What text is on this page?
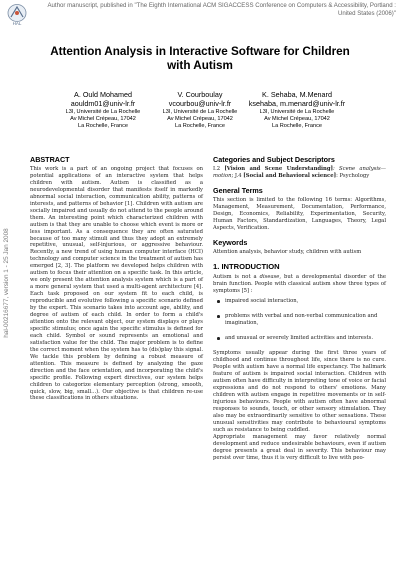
HAL
Author manuscript, published in "The Eighth International ACM SIGACCESS Conference on Computers & Accessibility, Portland : United States (2006)"
hal-00216677, version 1 - 25 Jan 2008
Attention Analysis in Interactive Software for Children with Autism
A. Ould Mohamed
aouldm01@univ-lr.fr
L3I, Université de La Rochelle
Av Michel Crépeau, 17042
La Rochelle, France
V. Courboulay
vcourbou@univ-lr.fr
L3I, Université de La Rochelle
Av Michel Crépeau, 17042
La Rochelle, France
K. Sehaba, M.Menard
ksehaba, m.menard@univ-lr.fr
L3I, Université de La Rochelle
Av Michel Crépeau, 17042
La Rochelle, France
ABSTRACT

This work is a part of an ongoing project that focuses on potential applications of an interactive system that helps children with autism. Autism is classified as a neurodevelopmental disorder that manifests itself in markedly abnormal social interaction, communication ability, patterns of interests, and patterns of behavior [1]. Children with autism are socially impaired and usually do not attend to the people around them. An interesting point which characterized children with autism is that they are unable to choose which event is more or less important. As a consequence they are often saturated because of too many stimuli and thus they adopt an extremely repetitive, unusual, self-injurious, or aggressive behaviour. Recently, a new trend of using human computer interface (HCI) technology and computer science in the treatment of autism has emerged [2, 3]. The platform we developed helps children with autism to focus their attention on a specific task. In this article, we only present the attention analysis system which is a part of a more general system that used a multi-agent architecture [4]. Each task proposed on our system fit to each child, is reproducible and evolutive following a specific scenario defined by the expert. This scenario takes into account age, ability, and degree of autism of each child. In order to form a child's attention onto the relevant object, our system displays or plays specific stimulus; once again the specific stimulus is defined for each child. Symbol or sound represents an emotional and satisfaction value for the child. The major problem is to define the correct moment when the system has to (dis)play this signal. We tackle this problem by defining a robust measure of attention. This measure is defined by analyzing the gaze direction and the face orientation, and incorporating the child's specific profile. Following expert directives, our system helps children to categorize elementary perception (strong, smooth, quick, slow, big, small...). Our objective is that children re-use these classifications in others situations.

Categories and Subject Descriptors

I.2 [Vision and Scene Understanding]: Scene analysis—motion; J.4 [Social and Behavioral science]: Psychology

General Terms

This section is limited to the following 16 terms: Algorithms, Management, Measurement, Documentation, Performance, Design, Economics, Reliability, Experimentation, Security, Human Factors, Standardization, Languages, Theory, Legal Aspects, Verification.

Keywords

Attention analysis, behavior study, children with autism

1. INTRODUCTION

Autism is not a disease, but a developmental disorder of the brain function. People with classical autism show three types of symptoms [5] :

impaired social interaction,
problems with verbal and non-verbal communication and imagination,
and unusual or severely limited activities and interests.

Symptoms usually appear during the first three years of childhood and continue throughout life, since there is no cure. People with autism have a normal life expectancy. The hallmark feature of autism is impaired social interaction. Children with autism often have difficulty in interpreting tone of voice or facial expressions and do not respond to others' emotions. Many children with autism engage in repetitive movements or in self-injurious behaviours. People with autism often have abnormal responses to sounds, touch, or other sensory stimulation. They also may be extraordinarily sensitive to other sensations. These unusual sensitivities may contribute to behavioural symptoms such as resistance to being cuddled.

Appropriate management may favor relatively normal development and reduce undesirable behaviours, even if autism degree presents a great deal in severity. This behaviour may persist over time, thus it is very difficult to live with peo-
